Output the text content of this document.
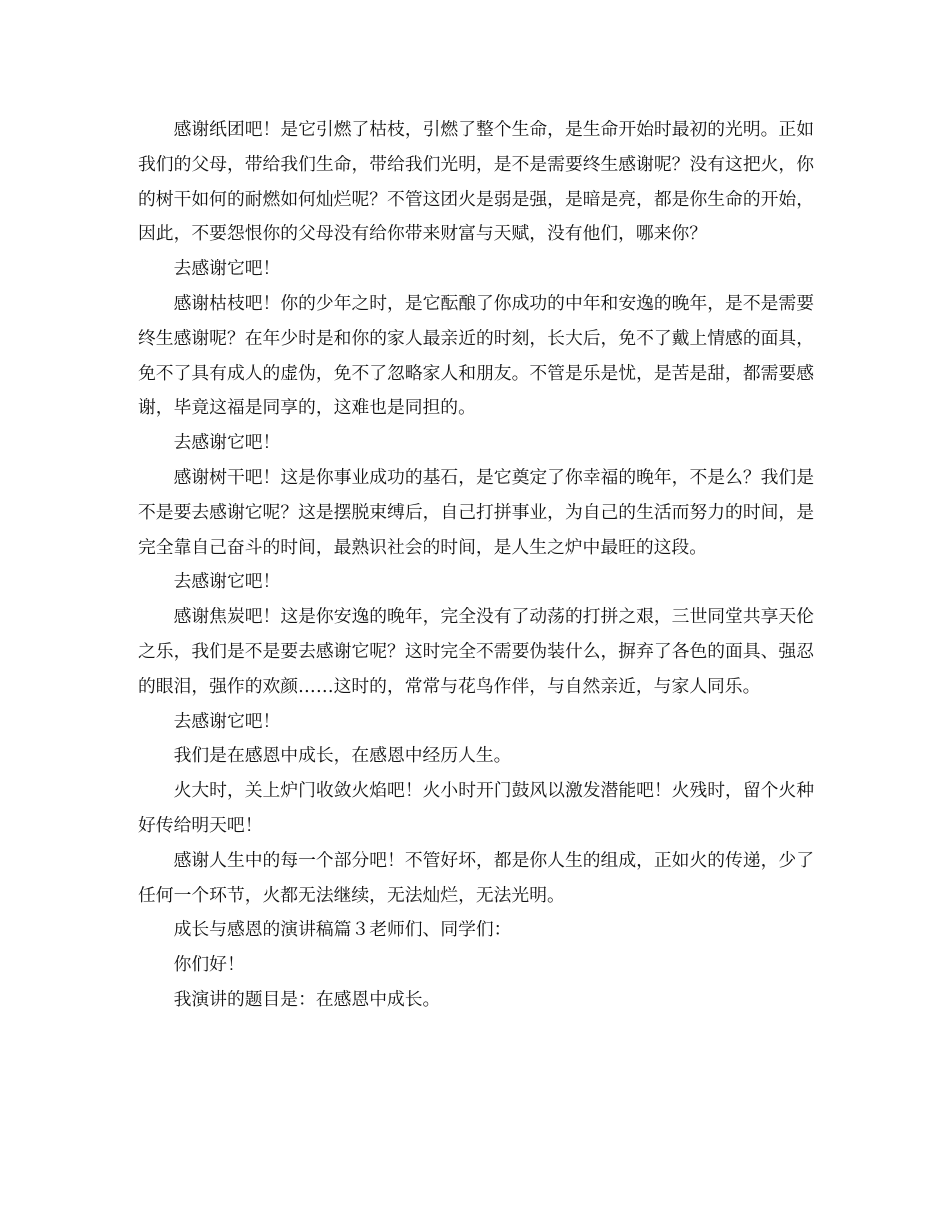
感谢纸团吧！是它引燃了枯枝，引燃了整个生命，是生命开始时最初的光明。正如我们的父母，带给我们生命，带给我们光明，是不是需要终生感谢呢？没有这把火，你的树干如何的耐燃如何灿烂呢？不管这团火是弱是强，是暗是亮，都是你生命的开始，因此，不要怨恨你的父母没有给你带来财富与天赋，没有他们，哪来你？

去感谢它吧！

感谢枯枝吧！你的少年之时，是它酝酿了你成功的中年和安逸的晚年，是不是需要终生感谢呢？在年少时是和你的家人最亲近的时刻，长大后，免不了戴上情感的面具，免不了具有成人的虚伪，免不了忽略家人和朋友。不管是乐是忧，是苦是甜，都需要感谢，毕竟这福是同享的，这难也是同担的。

去感谢它吧！

感谢树干吧！这是你事业成功的基石，是它奠定了你幸福的晚年，不是么？我们是不是要去感谢它呢？这是摆脱束缚后，自己打拼事业，为自己的生活而努力的时间，是完全靠自己奋斗的时间，最熟识社会的时间，是人生之炉中最旺的这段。

去感谢它吧！

感谢焦炭吧！这是你安逸的晚年，完全没有了动荡的打拼之艰，三世同堂共享天伦之乐，我们是不是要去感谢它呢？这时完全不需要伪装什么，摒弃了各色的面具、强忍的眼泪，强作的欢颜……这时的，常常与花鸟作伴，与自然亲近，与家人同乐。

去感谢它吧！

我们是在感恩中成长，在感恩中经历人生。

火大时，关上炉门收敛火焰吧！火小时开门鼓风以激发潜能吧！火残时，留个火种好传给明天吧！

感谢人生中的每一个部分吧！不管好坏，都是你人生的组成，正如火的传递，少了任何一个环节，火都无法继续，无法灿烂，无法光明。

成长与感恩的演讲稿篇３老师们、同学们：

你们好！

我演讲的题目是：在感恩中成长。
